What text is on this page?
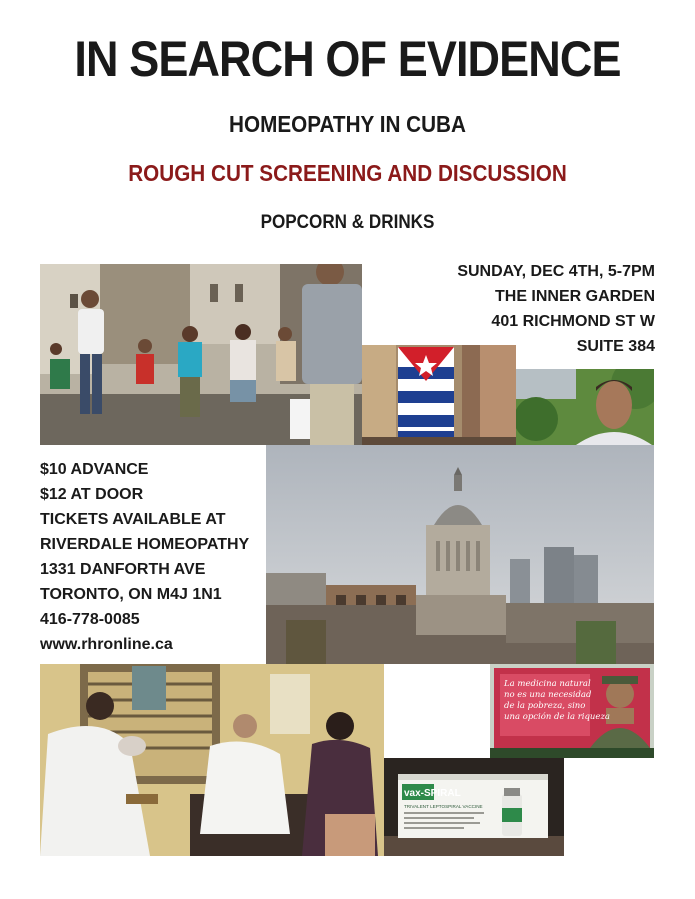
IN SEARCH OF EVIDENCE
HOMEOPATHY IN CUBA
ROUGH CUT SCREENING AND DISCUSSION
POPCORN & DRINKS
SUNDAY, DEC 4TH, 5-7PM
THE INNER GARDEN
401 RICHMOND ST W
SUITE 384
$10 ADVANCE
$12 AT DOOR
TICKETS AVAILABLE AT
RIVERDALE HOMEOPATHY
1331 DANFORTH AVE
TORONTO, ON M4J 1N1
416-778-0085
www.rhronline.ca
La medicina natural
no es una necesidad
de la pobreza, sino
una opción de la riqueza
vax-SPIRAL
TRIVALENT LEPTOSPIRAL VACCINE
